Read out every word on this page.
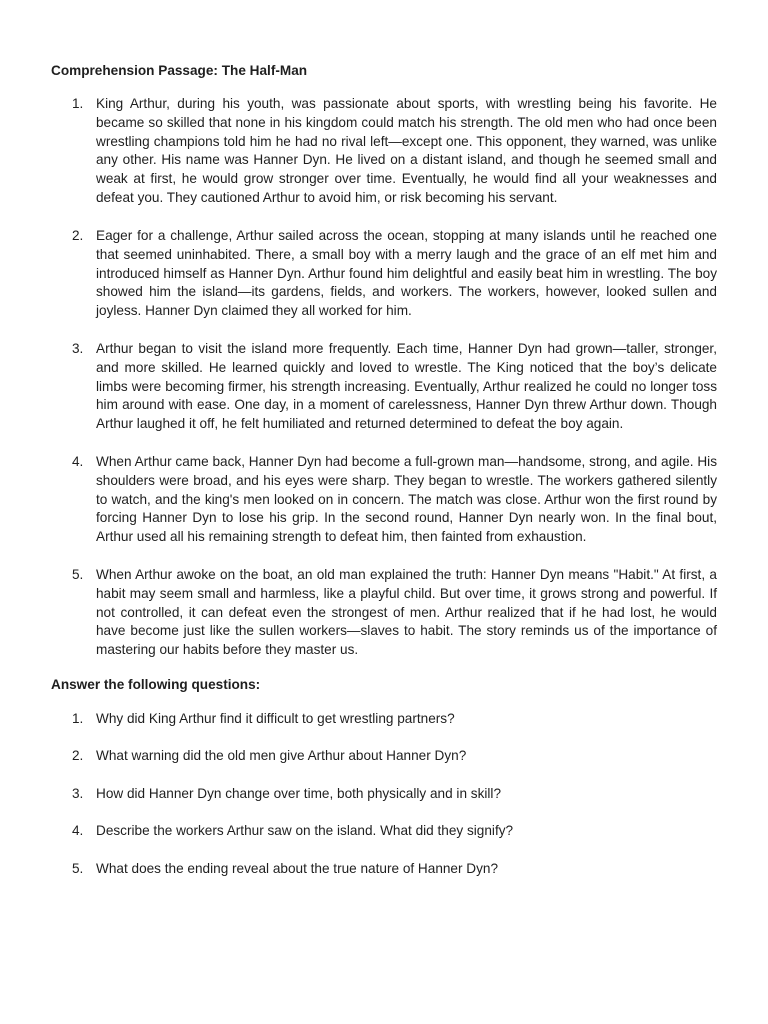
Comprehension Passage: The Half-Man
1. King Arthur, during his youth, was passionate about sports, with wrestling being his favorite. He became so skilled that none in his kingdom could match his strength. The old men who had once been wrestling champions told him he had no rival left—except one. This opponent, they warned, was unlike any other. His name was Hanner Dyn. He lived on a distant island, and though he seemed small and weak at first, he would grow stronger over time. Eventually, he would find all your weaknesses and defeat you. They cautioned Arthur to avoid him, or risk becoming his servant.

2. Eager for a challenge, Arthur sailed across the ocean, stopping at many islands until he reached one that seemed uninhabited. There, a small boy with a merry laugh and the grace of an elf met him and introduced himself as Hanner Dyn. Arthur found him delightful and easily beat him in wrestling. The boy showed him the island—its gardens, fields, and workers. The workers, however, looked sullen and joyless. Hanner Dyn claimed they all worked for him.

3. Arthur began to visit the island more frequently. Each time, Hanner Dyn had grown—taller, stronger, and more skilled. He learned quickly and loved to wrestle. The King noticed that the boy’s delicate limbs were becoming firmer, his strength increasing. Eventually, Arthur realized he could no longer toss him around with ease. One day, in a moment of carelessness, Hanner Dyn threw Arthur down. Though Arthur laughed it off, he felt humiliated and returned determined to defeat the boy again.

4. When Arthur came back, Hanner Dyn had become a full-grown man—handsome, strong, and agile. His shoulders were broad, and his eyes were sharp. They began to wrestle. The workers gathered silently to watch, and the king's men looked on in concern. The match was close. Arthur won the first round by forcing Hanner Dyn to lose his grip. In the second round, Hanner Dyn nearly won. In the final bout, Arthur used all his remaining strength to defeat him, then fainted from exhaustion.

5. When Arthur awoke on the boat, an old man explained the truth: Hanner Dyn means "Habit." At first, a habit may seem small and harmless, like a playful child. But over time, it grows strong and powerful. If not controlled, it can defeat even the strongest of men. Arthur realized that if he had lost, he would have become just like the sullen workers—slaves to habit. The story reminds us of the importance of mastering our habits before they master us.

Answer the following questions:
1. Why did King Arthur find it difficult to get wrestling partners?

2. What warning did the old men give Arthur about Hanner Dyn?

3. How did Hanner Dyn change over time, both physically and in skill?

4. Describe the workers Arthur saw on the island. What did they signify?

5. What does the ending reveal about the true nature of Hanner Dyn?
